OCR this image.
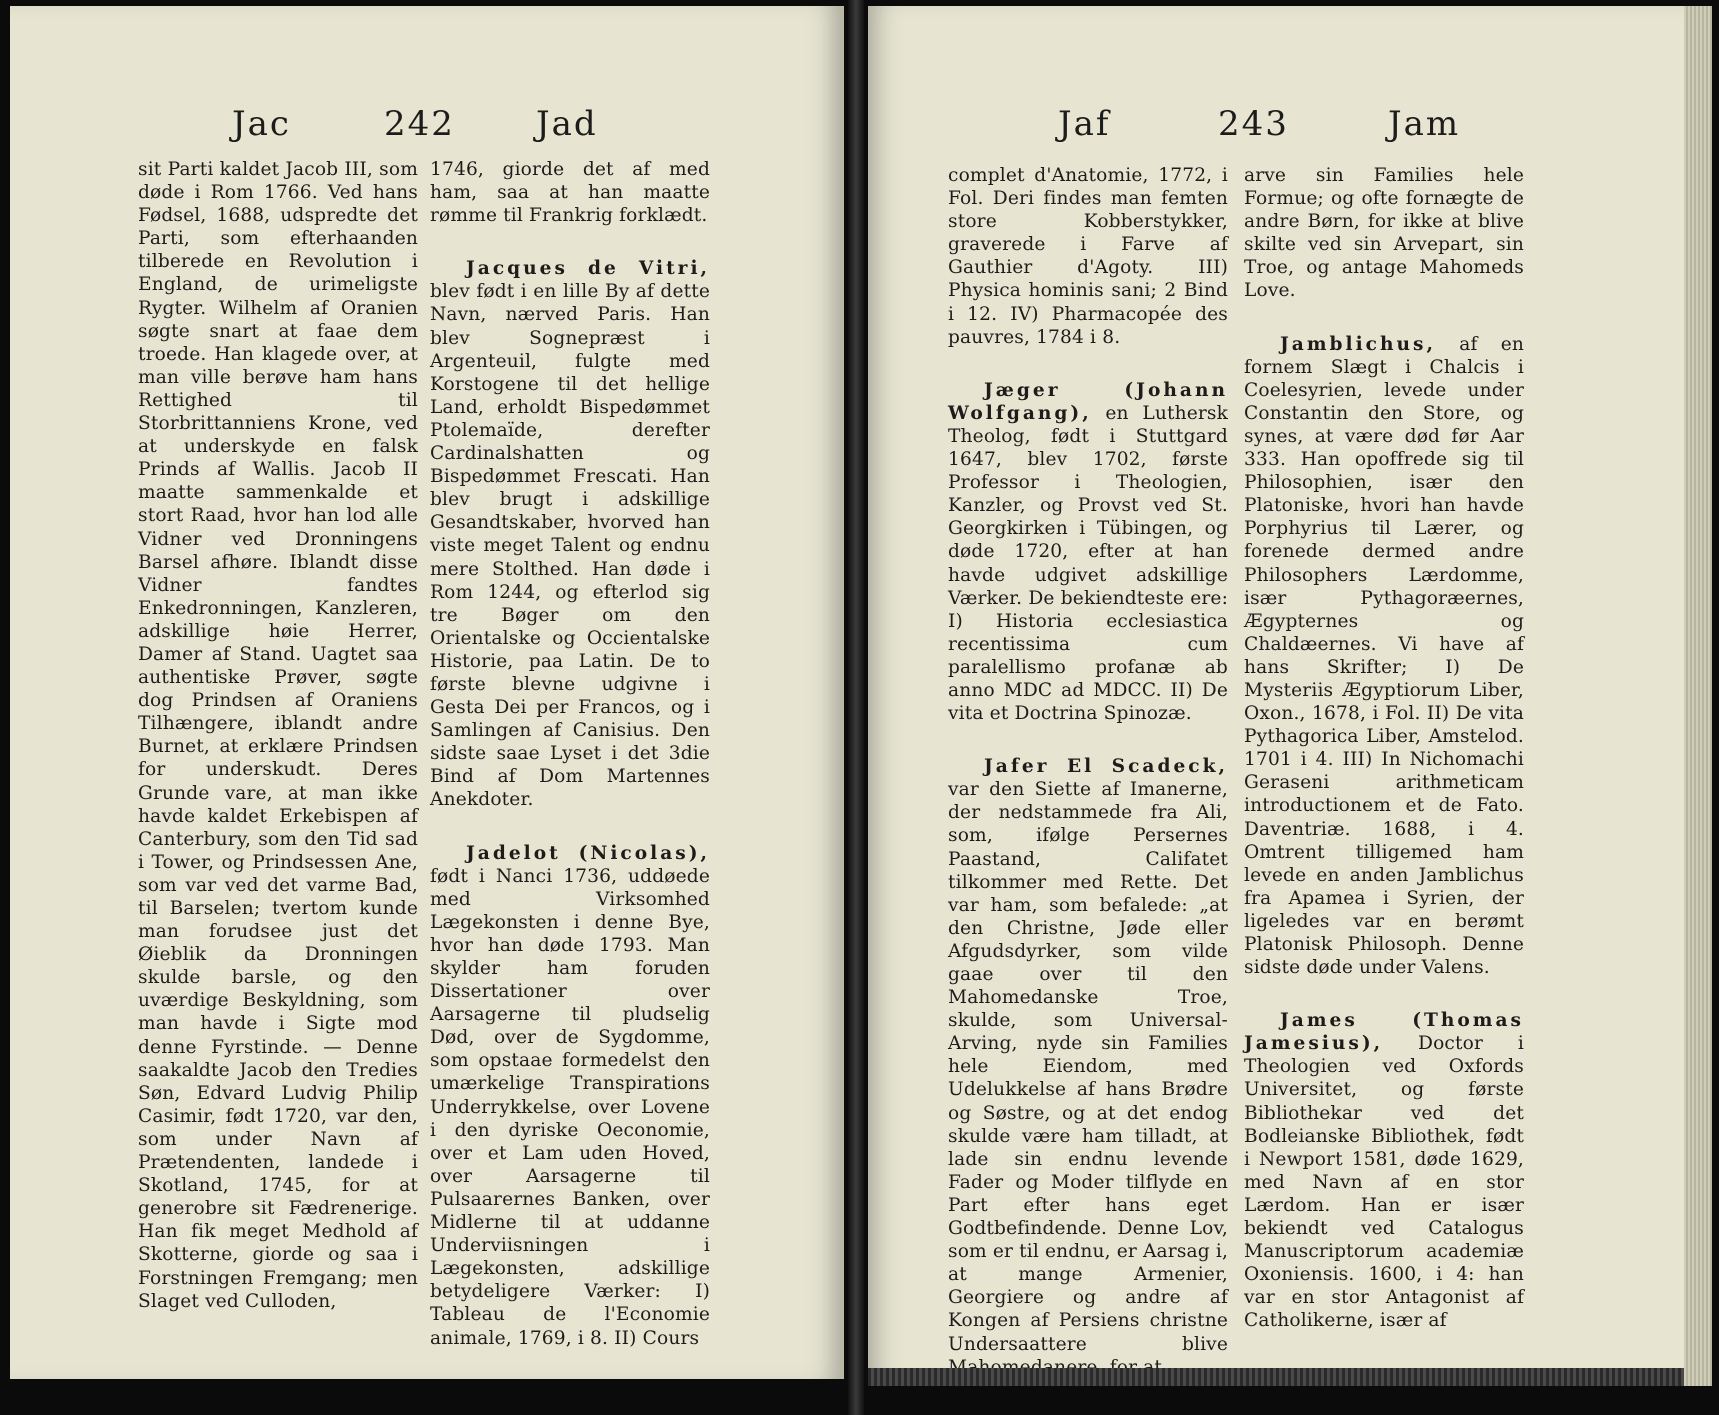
Jac	242 Jad

sit Parti kaldet Jacob III, som døde i Rom 1766. Ved hans Fødsel, 1688, udspredte det Parti, som efterhaanden tilberede en Revolution i England, de urimeligste Rygter. Wilhelm af Oranien søgte snart at faae dem troede. Han klagede over, at man ville berøve ham hans Rettighed til Storbrittanniens Krone, ved at underskyde en falsk Prinds af Wallis. Jacob II maatte sammenkalde et stort Raad, hvor han lod alle Vidner ved Dronningens Barsel afhøre. Iblandt disse Vidner fandtes Enkedronningen, Kanzleren, adskillige høie Herrer, Damer af Stand. Uagtet saa authentiske Prøver, søgte dog Prindsen af Oraniens Tilhængere, iblandt andre Burnet, at erklære Prindsen for underskudt. Deres Grunde vare, at man ikke havde kaldet Erkebispen af Canterbury, som den Tid sad i Tower, og Prindsessen Ane, som var ved det varme Bad, til Barselen; tvertom kunde man forudsee just det Øieblik da Dronningen skulde barsle, og den uværdige Beskyldning, som man havde i Sigte mod denne Fyrstinde. — Denne saakaldte Jacob den Tredies Søn, Edvard Ludvig Philip Casimir, født 1720, var den, som under Navn af Prætendenten, landede i Skotland, 1745, for at generobre sit Fædrenerige. Han fik meget Medhold af Skotterne, giorde og saa i Forstningen Fremgang; men Slaget ved Culloden,

1746, giorde det af med ham, saa at han maatte rømme til Frankrig forklædt.

Jacques de Vitri, blev født i en lille By af dette Navn, nærved Paris. Han blev Sognepræst i Argenteuil, fulgte med Korstogene til det hellige Land, erholdt Bispedømmet Ptolemaïde, derefter Cardinalshatten og Bispedømmet Frescati. Han blev brugt i adskillige Gesandtskaber, hvorved han viste meget Talent og endnu mere Stolthed. Han døde i Rom 1244, og efterlod sig tre Bøger om den Orientalske og Occientalske Historie, paa Latin. De to første blevne udgivne i Gesta Dei per Francos, og i Samlingen af Canisius. Den sidste saae Lyset i det 3die Bind af Dom Martennes Anekdoter.

Jadelot (Nicolas), født i Nanci 1736, uddøede med Virksomhed Lægekonsten i denne Bye, hvor han døde 1793. Man skylder ham foruden Dissertationer over Aarsagerne til pludselig Død, over de Sygdomme, som opstaae formedelst den umærkelige Transpirations Underrykkelse, over Lovene i den dyriske Oeconomie, over et Lam uden Hoved, over Aarsagerne til Pulsaarernes Banken, over Midlerne til at uddanne Underviisningen i Lægekonsten, adskillige betydeligere Værker: I) Tableau de l'Economie animale, 1769, i 8. II) Cours

Jaf	243	Jam

complet d'Anatomie, 1772, i Fol. Deri findes man femten store Kobberstykker, graverede i Farve af Gauthier d'Agoty. III) Physica hominis sani; 2 Bind i 12. IV) Pharmacopée des pauvres, 1784 i 8.

Jæger (Johann Wolfgang), en Luthersk Theolog, født i Stuttgard 1647, blev 1702, første Professor i Theologien, Kanzler, og Provst ved St. Georgkirken i Tübingen, og døde 1720, efter at han havde udgivet adskillige Værker. De bekiendteste ere: I) Historia ecclesiastica recentissima cum paralellismo profanæ ab anno MDC ad MDCC. II) De vita et Doctrina Spinozæ.

Jafer El Scadeck, var den Siette af Imanerne, der nedstammede fra Ali, som, ifølge Persernes Paastand, Califatet tilkommer med Rette. Det var ham, som befalede: „at den Christne, Jøde eller Afgudsdyrker, som vilde gaae over til den Mahomedanske Troe, skulde, som Universal-Arving, nyde sin Families hele Eiendom, med Udelukkelse af hans Brødre og Søstre, og at det endog skulde være ham tilladt, at lade sin endnu levende Fader og Moder tilflyde en Part efter hans eget Godtbefindende. Denne Lov, som er til endnu, er Aarsag i, at mange Armenier, Georgiere og andre af Kongen af Persiens christne Undersaattere blive

arve sin Families hele Formue; og ofte fornægte de andre Børn, for ikke at blive skilte ved sin Arvepart, sin Troe, og antage Mahomeds Love.

Jamblichus, af en fornem Slægt i Chalcis i Coelesyrien, levede under Constantin den Store, og synes, at være død før Aar 333. Han opoffrede sig til Philosophien, især den Platoniske, hvori han havde Porphyrius til Lærer, og forenede dermed andre Philosophers Lærdomme, især Pythagoræernes, Ægypternes og Chaldæernes. Vi have af hans Skrifter; I) De Mysteriis Ægyptiorum Liber, Oxon., 1678, i Fol. II) De vita Pythagorica Liber, Amstelod. 1701 i 4. III) In Nichomachi Geraseni arithmeticam introductionem et de Fato. Daventriæ. 1688, i 4. Omtrent tilligemed ham levede en anden Jamblichus fra Apamea i Syrien, der ligeledes var en berømt Platonisk Philosoph. Denne sidste døde under Valens.

James (Thomas Jamesius), Doctor i Theologien ved Oxfords Universitet, og første Bibliothekar ved det Bodleianske Bibliothek, født i Newport 1581, døde 1629, med Navn af en stor Lærdom. Han er især bekiendt ved Catalogus Manuscriptorum academiæ Oxoniensis. 1600, i 4: han var en stor Antagonist af Catholikerne, især af
